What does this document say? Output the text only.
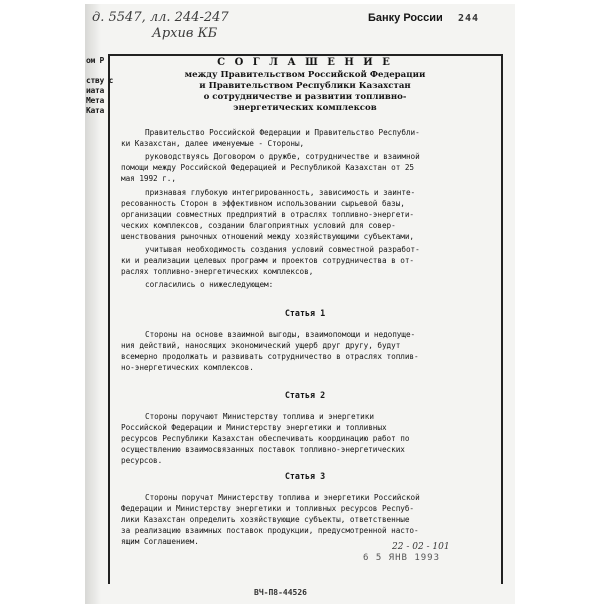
д. 5547, лл. 244-247
Архив КБ
Банку России 244
ом Р
ству с
иата
Мета
Ката
С О Г Л А Ш Е Н И Е
между Правительством Российской Федерации
и Правительством Республики Казахстан
о сотрудничестве и развитии топливно-
энергетических комплексов
Правительство Российской Федерации и Правительство Республи-
ки Казахстан, далее именуемые - Стороны,
руководствуясь Договором о дружбе, сотрудничестве и взаимной
помощи между Российской Федерацией и Республикой Казахстан от 25
мая 1992 г.,
признавая глубокую интегрированность, зависимость и заинте-
ресованность Сторон в эффективном использовании сырьевой базы,
организации совместных предприятий в отраслях топливно-энергети-
ческих комплексов, создании благоприятных условий для совер-
шенствования рыночных отношений между хозяйствующими субъектами,
учитывая необходимость создания условий совместной разработ-
ки и реализации целевых программ и проектов сотрудничества в от-
раслях топливно-энергетических комплексов,
согласились о нижеследующем:
Статья 1
Стороны на основе взаимной выгоды, взаимопомощи и недопуще-
ния действий, наносящих экономический ущерб друг другу, будут
всемерно продолжать и развивать сотрудничество в отраслях топлив-
но-энергетических комплексов.
Статья 2
Стороны поручают Министерству топлива и энергетики
Российской Федерации и Министерству энергетики и топливных
ресурсов Республики Казахстан обеспечивать координацию работ по
осуществлению взаимосвязанных поставок топливно-энергетических
ресурсов.
Статья 3
Стороны поручат Министерству топлива и энергетики Российской
Федерации и Министерству энергетики и топливных ресурсов Респуб-
лики Казахстан определить хозяйствующие субъекты, ответственные
за реализацию взаимных поставок продукции, предусмотренной насто-
ящим Соглашением.
22 - 02 - 101
6 5 ЯНВ 1993
ВЧ-П8-44526
